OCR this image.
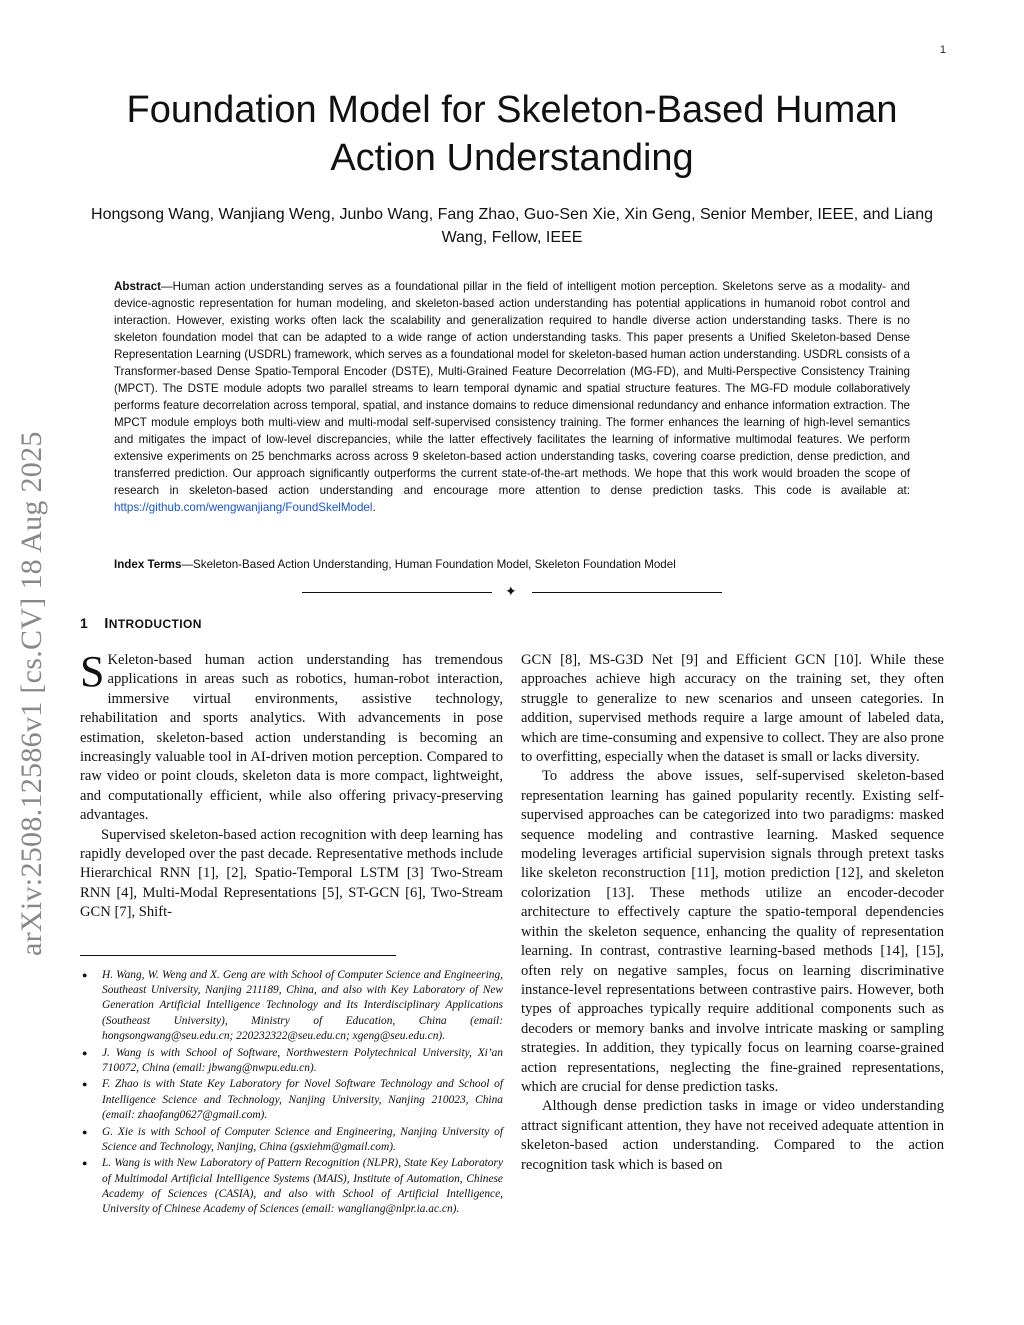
1
arXiv:2508.12586v1 [cs.CV] 18 Aug 2025
Foundation Model for Skeleton-Based Human Action Understanding
Hongsong Wang, Wanjiang Weng, Junbo Wang, Fang Zhao, Guo-Sen Xie, Xin Geng, Senior Member, IEEE, and Liang Wang, Fellow, IEEE
Abstract—Human action understanding serves as a foundational pillar in the field of intelligent motion perception. Skeletons serve as a modality- and device-agnostic representation for human modeling, and skeleton-based action understanding has potential applications in humanoid robot control and interaction. However, existing works often lack the scalability and generalization required to handle diverse action understanding tasks. There is no skeleton foundation model that can be adapted to a wide range of action understanding tasks. This paper presents a Unified Skeleton-based Dense Representation Learning (USDRL) framework, which serves as a foundational model for skeleton-based human action understanding. USDRL consists of a Transformer-based Dense Spatio-Temporal Encoder (DSTE), Multi-Grained Feature Decorrelation (MG-FD), and Multi-Perspective Consistency Training (MPCT). The DSTE module adopts two parallel streams to learn temporal dynamic and spatial structure features. The MG-FD module collaboratively performs feature decorrelation across temporal, spatial, and instance domains to reduce dimensional redundancy and enhance information extraction. The MPCT module employs both multi-view and multi-modal self-supervised consistency training. The former enhances the learning of high-level semantics and mitigates the impact of low-level discrepancies, while the latter effectively facilitates the learning of informative multimodal features. We perform extensive experiments on 25 benchmarks across across 9 skeleton-based action understanding tasks, covering coarse prediction, dense prediction, and transferred prediction. Our approach significantly outperforms the current state-of-the-art methods. We hope that this work would broaden the scope of research in skeleton-based action understanding and encourage more attention to dense prediction tasks. This code is available at: https://github.com/wengwanjiang/FoundSkelModel.
Index Terms—Skeleton-Based Action Understanding, Human Foundation Model, Skeleton Foundation Model
✦
1 INTRODUCTION

S Keleton-based human action understanding has tremendous applications in areas such as robotics, human-robot interaction, immersive virtual environments, assistive technology, rehabilitation and sports analytics. With advancements in pose estimation, skeleton-based action understanding is becoming an increasingly valuable tool in AI-driven motion perception. Compared to raw video or point clouds, skeleton data is more compact, lightweight, and computationally efficient, while also offering privacy-preserving advantages.

Supervised skeleton-based action recognition with deep learning has rapidly developed over the past decade. Representative methods include Hierarchical RNN [1], [2], Spatio-Temporal LSTM [3] Two-Stream RNN [4], Multi-Modal Representations [5], ST-GCN [6], Two-Stream GCN [7], Shift-

● H. Wang, W. Weng and X. Geng are with School of Computer Science and Engineering, Southeast University, Nanjing 211189, China, and also with Key Laboratory of New Generation Artificial Intelligence Technology and Its Interdisciplinary Applications (Southeast University), Ministry of Education, China (email: hongsongwang@seu.edu.cn; 220232322@seu.edu.cn; xgeng@seu.edu.cn).
● J. Wang is with School of Software, Northwestern Polytechnical University, Xi’an 710072, China (email: jbwang@nwpu.edu.cn).
● F. Zhao is with State Key Laboratory for Novel Software Technology and School of Intelligence Science and Technology, Nanjing University, Nanjing 210023, China (email: zhaofang0627@gmail.com).
● G. Xie is with School of Computer Science and Engineering, Nanjing University of Science and Technology, Nanjing, China (gsxiehm@gmail.com).
● L. Wang is with New Laboratory of Pattern Recognition (NLPR), State Key Laboratory of Multimodal Artificial Intelligence Systems (MAIS), Institute of Automation, Chinese Academy of Sciences (CASIA), and also with School of Artificial Intelligence, University of Chinese Academy of Sciences (email: wangliang@nlpr.ia.ac.cn).

GCN [8], MS-G3D Net [9] and Efficient GCN [10]. While these approaches achieve high accuracy on the training set, they often struggle to generalize to new scenarios and unseen categories. In addition, supervised methods require a large amount of labeled data, which are time-consuming and expensive to collect. They are also prone to overfitting, especially when the dataset is small or lacks diversity.

To address the above issues, self-supervised skeleton-based representation learning has gained popularity recently. Existing self-supervised approaches can be categorized into two paradigms: masked sequence modeling and contrastive learning. Masked sequence modeling leverages artificial supervision signals through pretext tasks like skeleton reconstruction [11], motion prediction [12], and skeleton colorization [13]. These methods utilize an encoder-decoder architecture to effectively capture the spatio-temporal dependencies within the skeleton sequence, enhancing the quality of representation learning. In contrast, contrastive learning-based methods [14], [15], often rely on negative samples, focus on learning discriminative instance-level representations between contrastive pairs. However, both types of approaches typically require additional components such as decoders or memory banks and involve intricate masking or sampling strategies. In addition, they typically focus on learning coarse-grained action representations, neglecting the fine-grained representations, which are crucial for dense prediction tasks.

Although dense prediction tasks in image or video understanding attract significant attention, they have not received adequate attention in skeleton-based action understanding. Compared to the action recognition task which is based on
